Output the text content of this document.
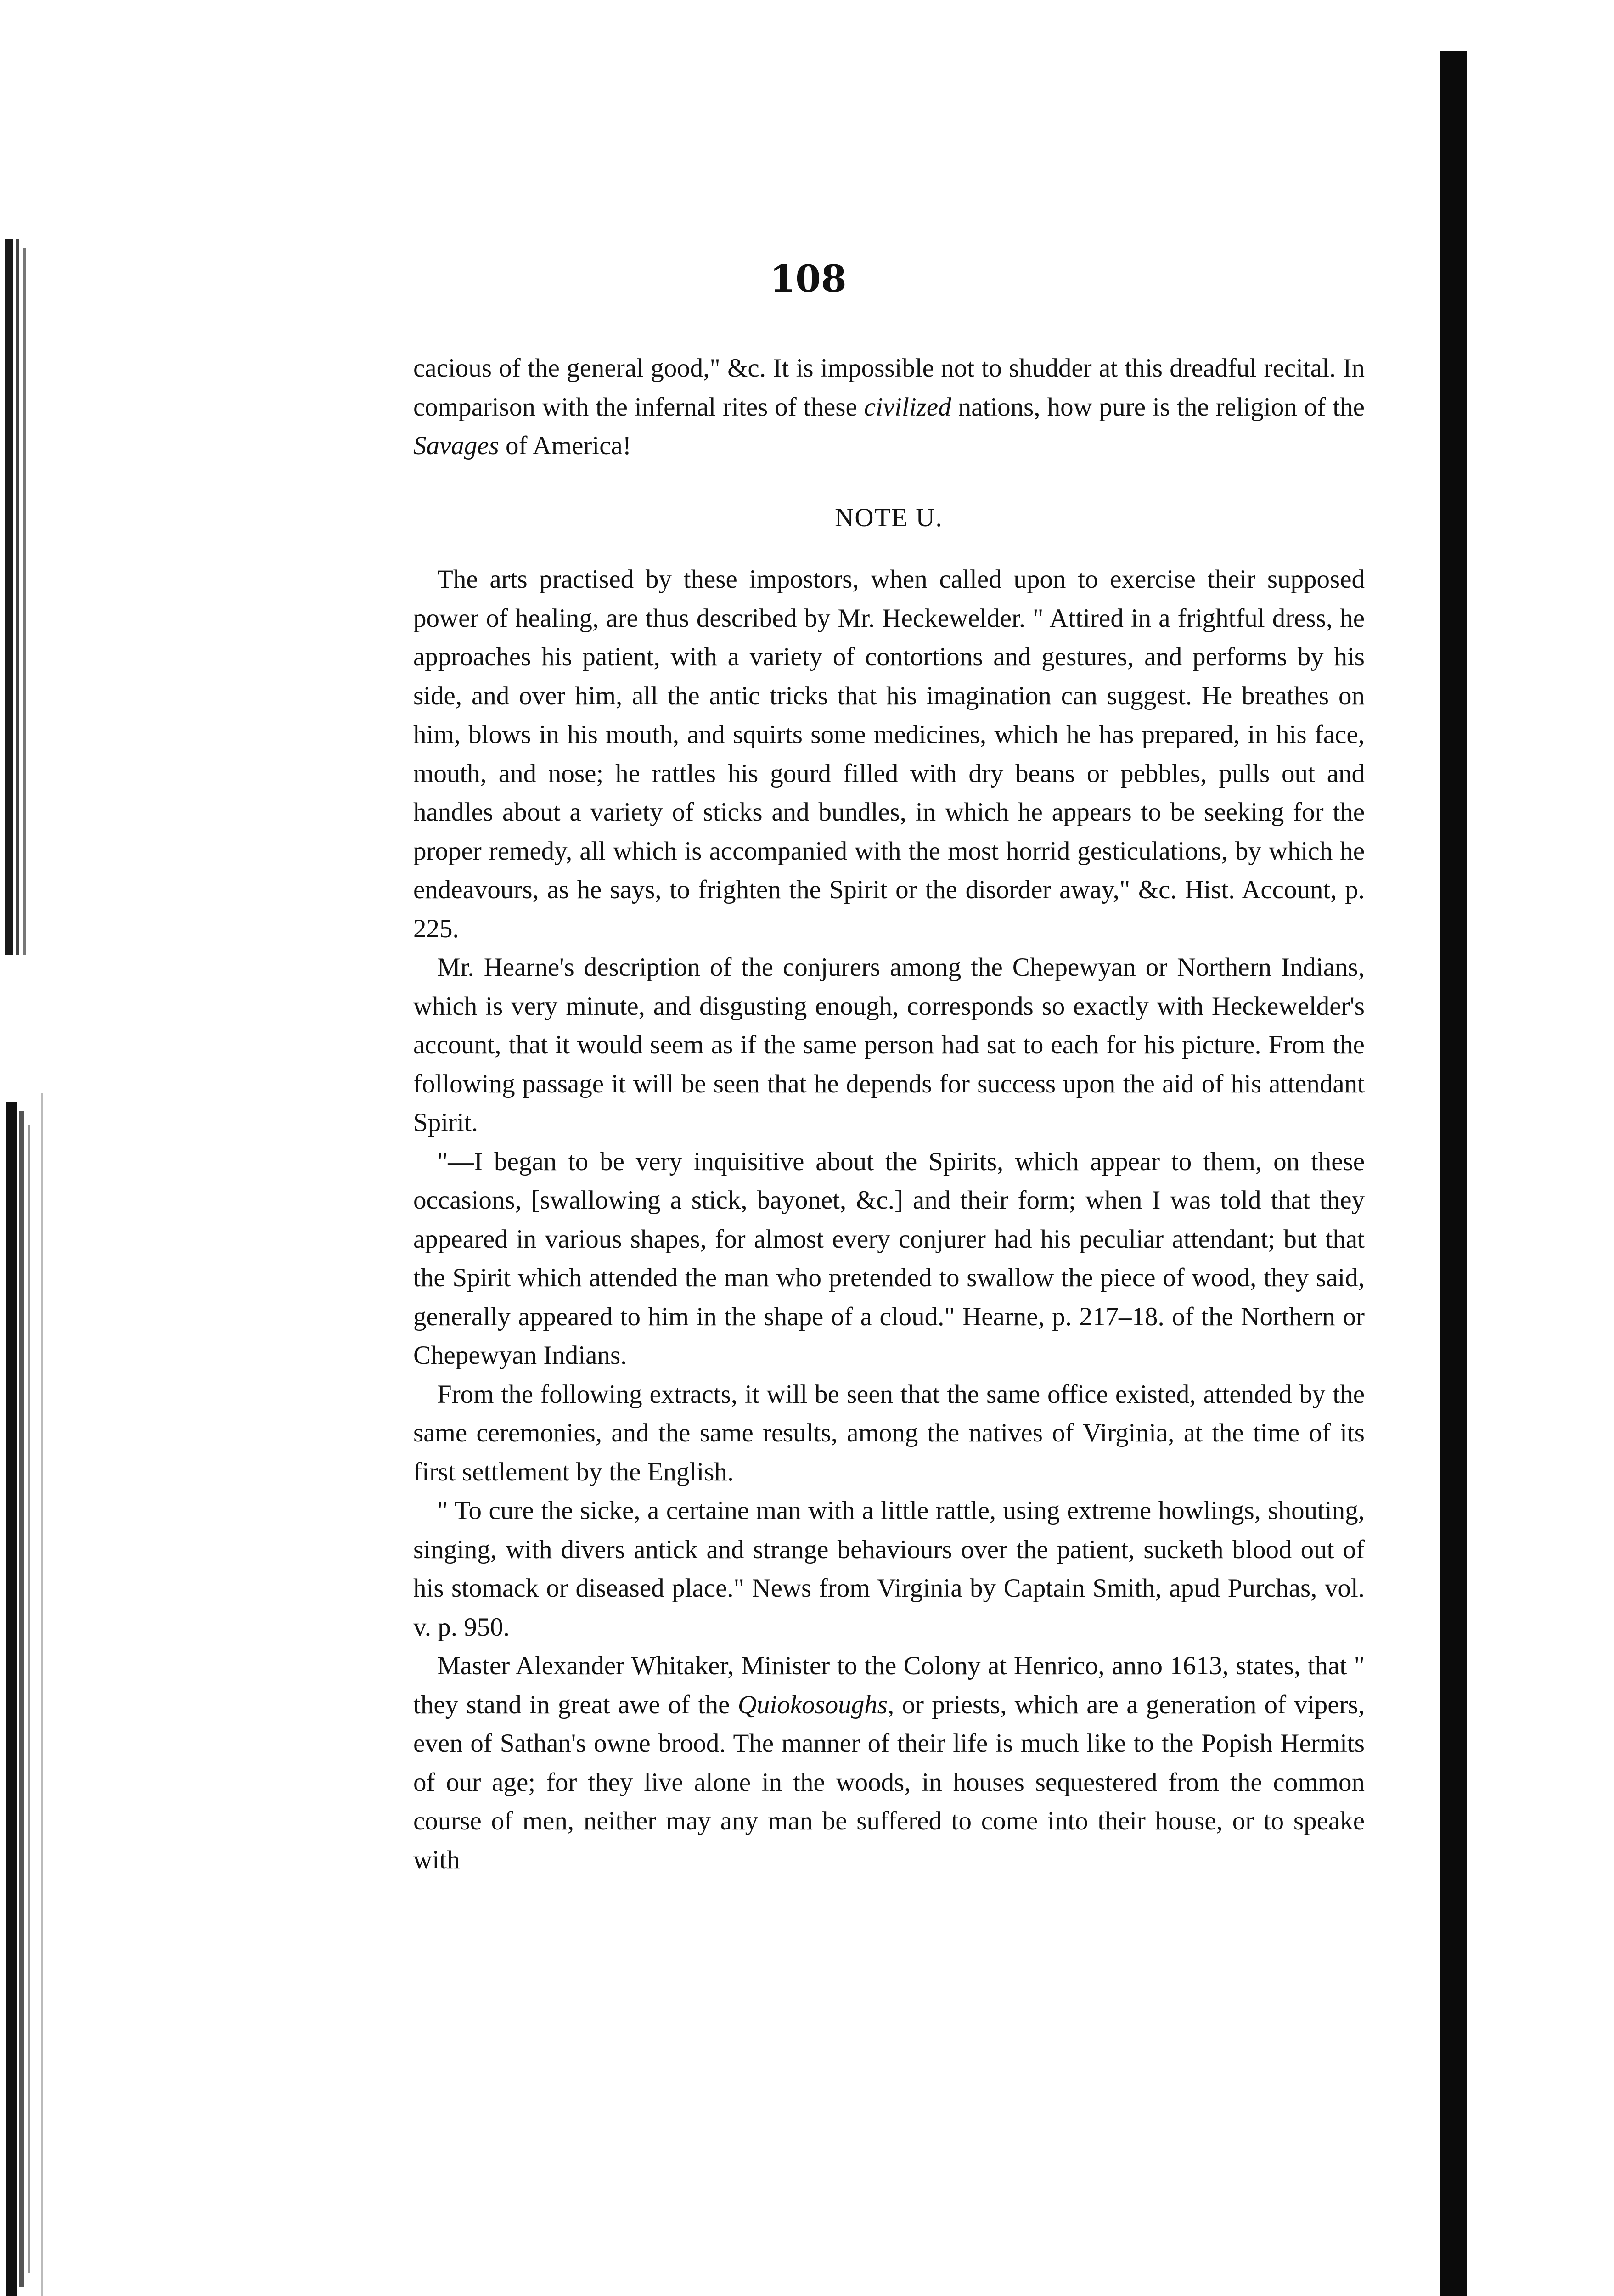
108

cacious of the general good," &c. It is impossible not to shudder at this dreadful recital. In comparison with the infernal rites of these civilized nations, how pure is the religion of the Savages of America!

NOTE U.

The arts practised by these impostors, when called upon to exercise their supposed power of healing, are thus described by Mr. Heckewelder. " Attired in a frightful dress, he approaches his patient, with a variety of contortions and gestures, and performs by his side, and over him, all the antic tricks that his imagination can suggest. He breathes on him, blows in his mouth, and squirts some medicines, which he has prepared, in his face, mouth, and nose; he rattles his gourd filled with dry beans or pebbles, pulls out and handles about a variety of sticks and bundles, in which he appears to be seeking for the proper remedy, all which is accompanied with the most horrid gesticulations, by which he endeavours, as he says, to frighten the Spirit or the disorder away," &c. Hist. Account, p. 225.

Mr. Hearne's description of the conjurers among the Chepewyan or Northern Indians, which is very minute, and disgusting enough, corresponds so exactly with Heckewelder's account, that it would seem as if the same person had sat to each for his picture. From the following passage it will be seen that he depends for success upon the aid of his attendant Spirit.

"—I began to be very inquisitive about the Spirits, which appear to them, on these occasions, [swallowing a stick, bayonet, &c.] and their form; when I was told that they appeared in various shapes, for almost every conjurer had his peculiar attendant; but that the Spirit which attended the man who pretended to swallow the piece of wood, they said, generally appeared to him in the shape of a cloud." Hearne, p. 217–18. of the Northern or Chepewyan Indians.

From the following extracts, it will be seen that the same office existed, attended by the same ceremonies, and the same results, among the natives of Virginia, at the time of its first settlement by the English.

" To cure the sicke, a certaine man with a little rattle, using extreme howlings, shouting, singing, with divers antick and strange behaviours over the patient, sucketh blood out of his stomack or diseased place." News from Virginia by Captain Smith, apud Purchas, vol. v. p. 950.

Master Alexander Whitaker, Minister to the Colony at Henrico, anno 1613, states, that " they stand in great awe of the Quiokosoughs, or priests, which are a generation of vipers, even of Sathan's owne brood. The manner of their life is much like to the Popish Hermits of our age; for they live alone in the woods, in houses sequestered from the common course of men, neither may any man be suffered to come into their house, or to speake with
